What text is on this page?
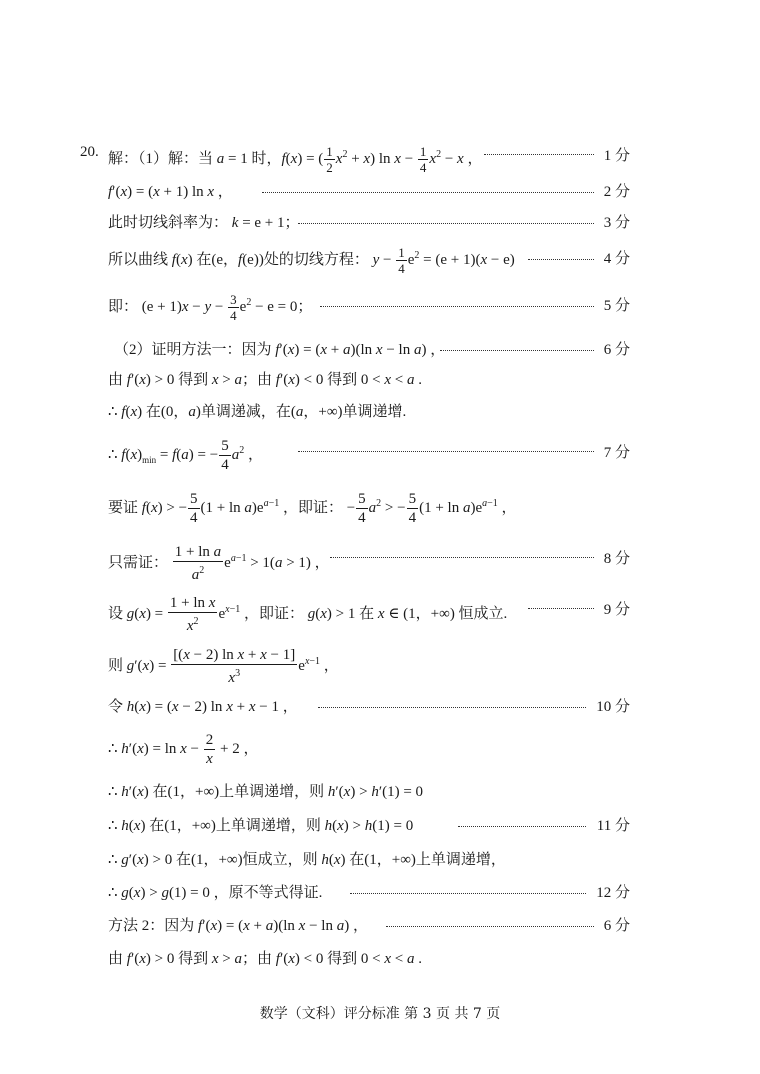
20. 解：（1）解：当 a = 1 时，f(x) = ( $\frac{1}{2} x^2 + x$) $\ln x - \frac{1}{4} x^2 - x$ ，	1 分
f′(x) = (x + 1) ln x ，	2 分
此时切线斜率为： k = e + 1；	3 分
所以曲线 f(x) 在(e，f(e))处的切线方程： $y - \frac{1}{4} e^2 = (e + 1)(x - e)$	4 分
即： $(e + 1)x - y - \frac{3}{4} e^2 - e = 0$；	5 分
（2）证明方法一：因为 f′(x) = (x + a)(ln x − ln a) ，	6 分
由 f′(x) > 0 得到 x > a；由 f′(x) < 0 得到 0 < x < a .
∴ f(x) 在(0，a)单调递减，在(a，+∞)单调递增.
∴ $f(x)_{min} = f(a)$ = − $\frac{5}{4} a^2$ ，	7 分
要证 f(x) > − $\frac{5}{4} (1 + \ln a)e^{a-1}$ ，即证： − $\frac{5}{4} a^2$ > − $\frac{5}{4} (1 + \ln a)e^{a-1}$ ，
只需证： $\frac{\text{1 + ln a}}{a^2} e^{a-1} > 1(a > 1)$ ，	8 分
设 $g(x) = \frac{\text{1 + ln x}}{x^2} e^{x-1}$ ，即证： g(x) > 1 在 x ∈ (1，+∞) 恒成立.	9 分
则 $g'(x) = \frac{\text{[(x − 2) ln x + x − 1]}}{x^3} e^{x-1}$ ，
令 h(x) = (x − 2) ln x + x − 1 ，	10 分
∴ $h'(x) = \ln x - \frac{2}{x} + 2$ ，
∴ h′(x) 在(1，+∞)上单调递增，则 h′(x) > h′(1) = 0
∴ h(x) 在(1，+∞)上单调递增，则 h(x) > h(1) = 0	11 分
∴ g′(x) > 0 在(1，+∞)恒成立，则 h(x) 在(1，+∞)上单调递增，
∴ g(x) > g(1) = 0 ，原不等式得证.	12 分
方法 2：因为 f′(x) = (x + a)(ln x − ln a) ，	6 分
由 f′(x) > 0 得到 x > a；由 f′(x) < 0 得到 0 < x < a .
数学（文科）评分标准 第 3 页 共 7 页
